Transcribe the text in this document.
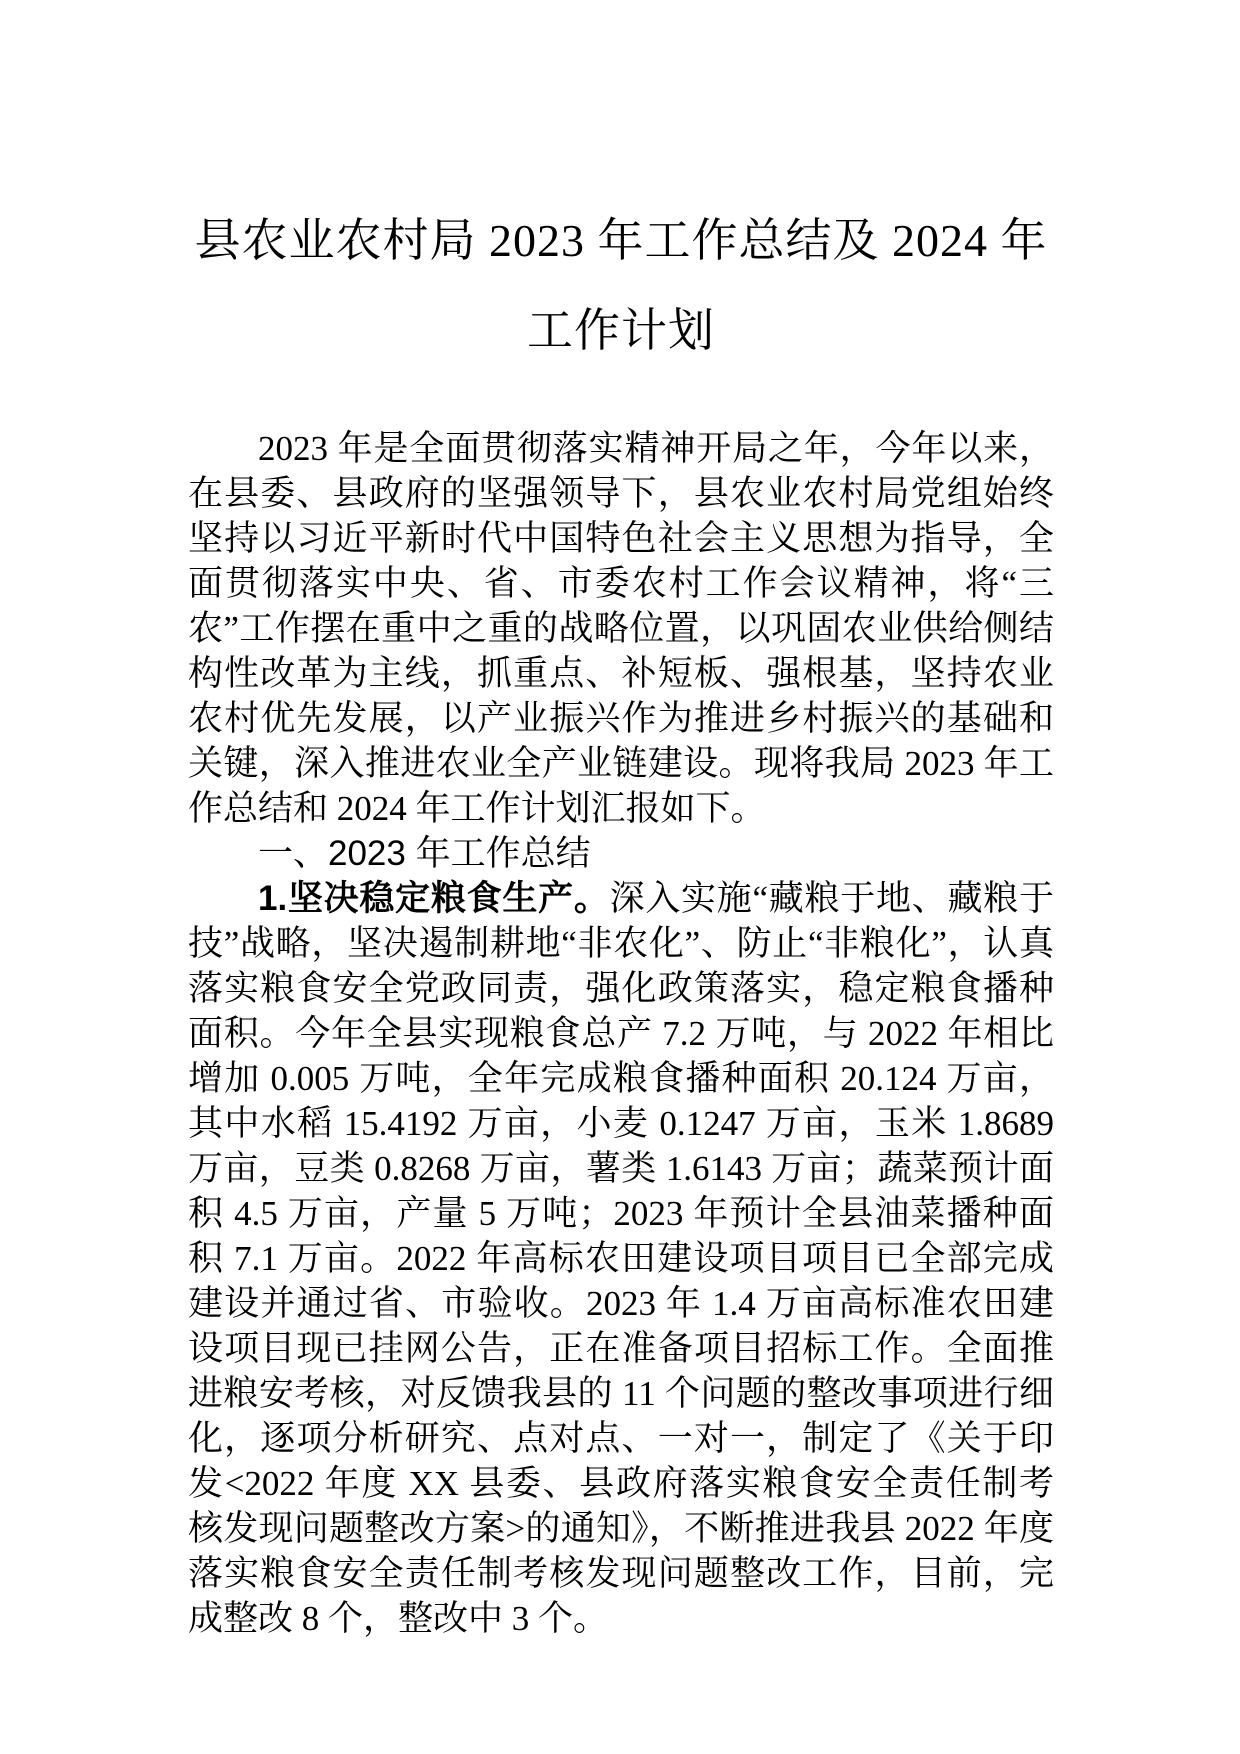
县农业农村局 2023 年工作总结及 2024 年
工作计划

2023 年是全面贯彻落实精神开局之年，今年以来，在县委、县政府的坚强领导下，县农业农村局党组始终坚持以习近平新时代中国特色社会主义思想为指导，全面贯彻落实中央、省、市委农村工作会议精神，将“三农”工作摆在重中之重的战略位置，以巩固农业供给侧结构性改革为主线，抓重点、补短板、强根基，坚持农业农村优先发展，以产业振兴作为推进乡村振兴的基础和关键，深入推进农业全产业链建设。现将我局 2023 年工作总结和 2024 年工作计划汇报如下。

一、2023 年工作总结

1.坚决稳定粮食生产。深入实施“藏粮于地、藏粮于技”战略，坚决遏制耕地“非农化”、防止“非粮化”，认真落实粮食安全党政同责，强化政策落实，稳定粮食播种面积。今年全县实现粮食总产 7.2 万吨，与 2022 年相比增加 0.005 万吨，全年完成粮食播种面积 20.124 万亩，其中水稻 15.4192 万亩，小麦 0.1247 万亩，玉米 1.8689 万亩，豆类 0.8268 万亩，薯类 1.6143 万亩；蔬菜预计面积 4.5 万亩，产量 5 万吨；2023 年预计全县油菜播种面积 7.1 万亩。2022 年高标农田建设项目项目已全部完成建设并通过省、市验收。2023 年 1.4 万亩高标准农田建设项目现已挂网公告，正在准备项目招标工作。全面推进粮安考核，对反馈我县的 11 个问题的整改事项进行细化，逐项分析研究、点对点、一对一，制定了《关于印发<2022 年度 XX 县委、县政府落实粮食安全责任制考核发现问题整改方案>的通知》，不断推进我县 2022 年度落实粮食安全责任制考核发现问题整改工作，目前，完成整改 8 个，整改中 3 个。
